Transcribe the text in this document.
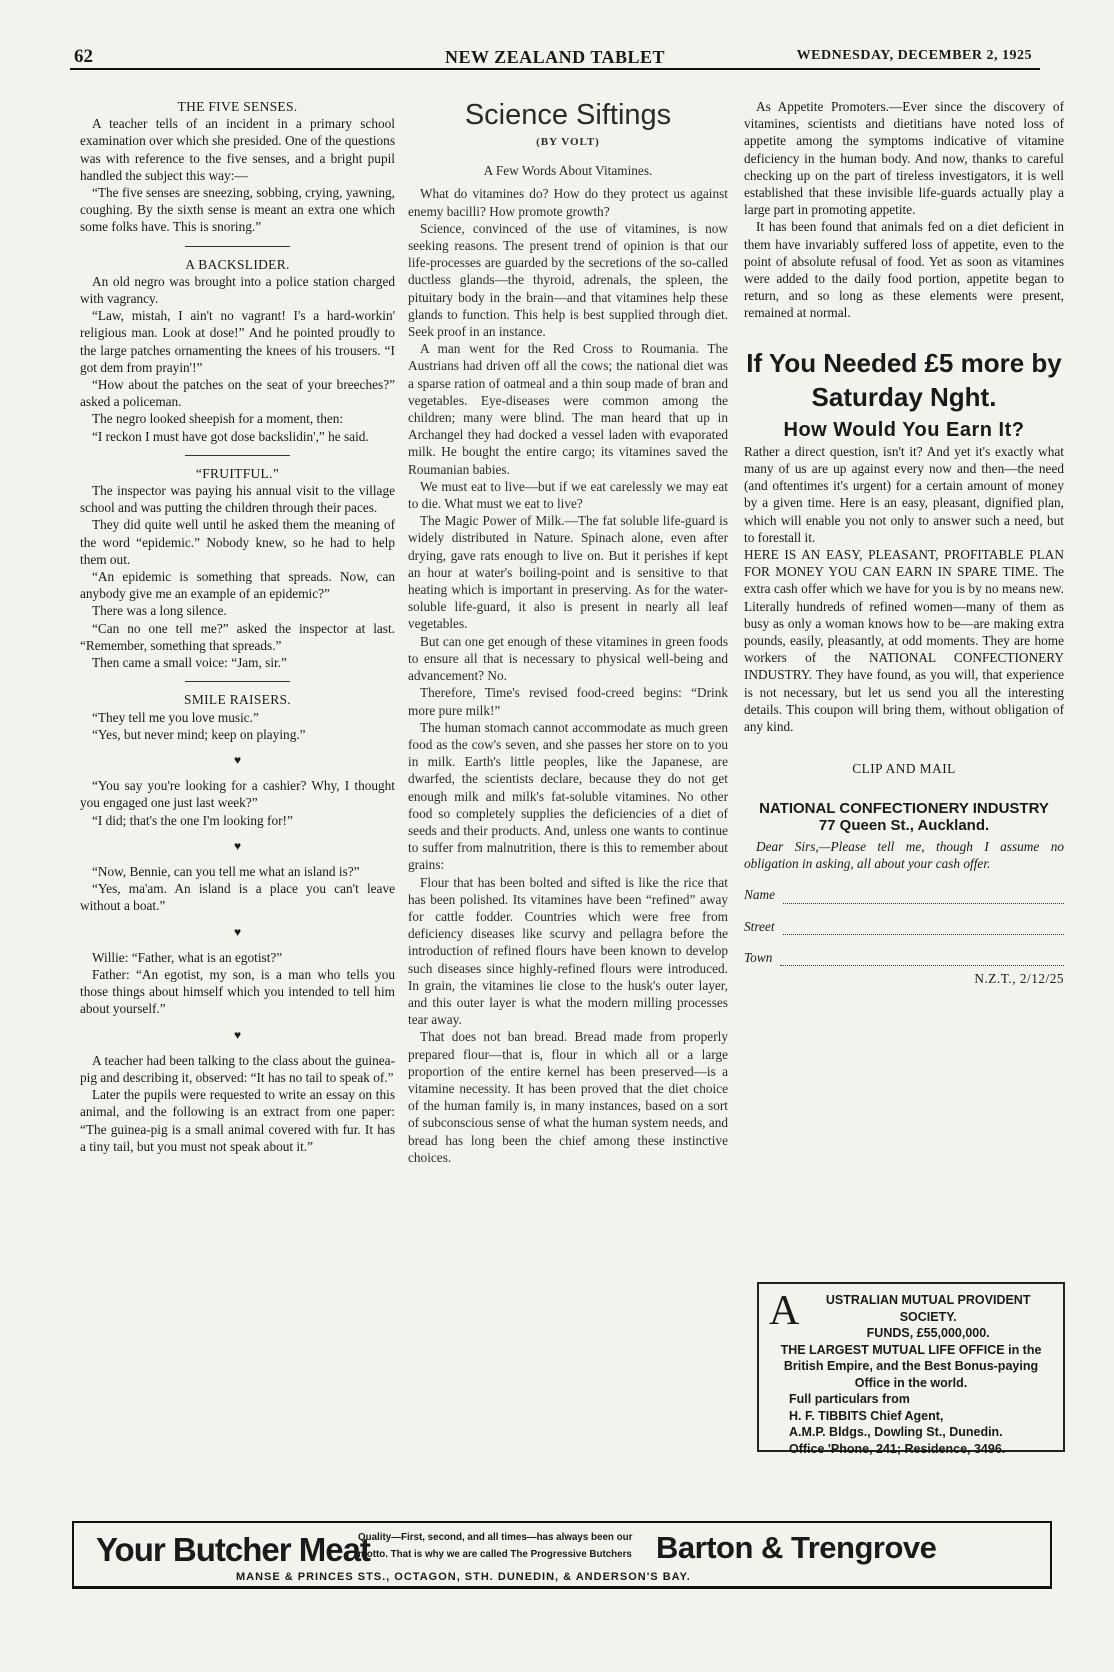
62	NEW ZEALAND TABLET	WEDNESDAY, DECEMBER 2, 1925
THE FIVE SENSES.

A teacher tells of an incident in a primary school examination over which she presided. One of the questions was with reference to the five senses, and a bright pupil handled the subject this way:—

“The five senses are sneezing, sobbing, crying, yawning, coughing. By the sixth sense is meant an extra one which some folks have. This is snoring.”

A BACKSLIDER.

An old negro was brought into a police station charged with vagrancy.

“Law, mistah, I ain't no vagrant! I's a hard-workin' religious man. Look at dose!” And he pointed proudly to the large patches ornamenting the knees of his trousers. “I got dem from prayin'!”

“How about the patches on the seat of your breeches?” asked a policeman.

The negro looked sheepish for a moment, then:

“I reckon I must have got dose backslidin',” he said.

“FRUITFUL.”

The inspector was paying his annual visit to the village school and was putting the children through their paces.

They did quite well until he asked them the meaning of the word “epidemic.” Nobody knew, so he had to help them out.

“An epidemic is something that spreads. Now, can anybody give me an example of an epidemic?”

There was a long silence.

“Can no one tell me?” asked the inspector at last. “Remember, something that spreads.”

Then came a small voice: “Jam, sir.”

SMILE RAISERS.

“They tell me you love music.”

“Yes, but never mind; keep on playing.”

♥

“You say you're looking for a cashier? Why, I thought you engaged one just last week?”

“I did; that's the one I'm looking for!”

♥

“Now, Bennie, can you tell me what an island is?”

“Yes, ma'am. An island is a place you can't leave without a boat.”

♥

Willie: “Father, what is an egotist?”

Father: “An egotist, my son, is a man who tells you those things about himself which you intended to tell him about yourself.”

♥

A teacher had been talking to the class about the guinea-pig and describing it, observed: “It has no tail to speak of.”

Later the pupils were requested to write an essay on this animal, and the following is an extract from one paper: “The guinea-pig is a small animal covered with fur. It has a tiny tail, but you must not speak about it.”

Science Siftings
(BY VOLT)
A Few Words About Vitamines.

What do vitamines do? How do they protect us against enemy bacilli? How promote growth?

Science, convinced of the use of vitamines, is now seeking reasons. The present trend of opinion is that our life-processes are guarded by the secretions of the so-called ductless glands—the thyroid, adrenals, the spleen, the pituitary body in the brain—and that vitamines help these glands to function. This help is best supplied through diet. Seek proof in an instance.

A man went for the Red Cross to Roumania. The Austrians had driven off all the cows; the national diet was a sparse ration of oatmeal and a thin soup made of bran and vegetables. Eye-diseases were common among the children; many were blind. The man heard that up in Archangel they had docked a vessel laden with evaporated milk. He bought the entire cargo; its vitamines saved the Roumanian babies.

We must eat to live—but if we eat carelessly we may eat to die. What must we eat to live?

The Magic Power of Milk.—The fat soluble life-guard is widely distributed in Nature. Spinach alone, even after drying, gave rats enough to live on. But it perishes if kept an hour at water's boiling-point and is sensitive to that heating which is important in preserving. As for the water-soluble life-guard, it also is present in nearly all leaf vegetables.

But can one get enough of these vitamines in green foods to ensure all that is necessary to physical well-being and advancement? No.

Therefore, Time's revised food-creed begins: “Drink more pure milk!”

The human stomach cannot accommodate as much green food as the cow's seven, and she passes her store on to you in milk. Earth's little peoples, like the Japanese, are dwarfed, the scientists declare, because they do not get enough milk and milk's fat-soluble vitamines. No other food so completely supplies the deficiencies of a diet of seeds and their products. And, unless one wants to continue to suffer from malnutrition, there is this to remember about grains:

Flour that has been bolted and sifted is like the rice that has been polished. Its vitamines have been “refined” away for cattle fodder. Countries which were free from deficiency diseases like scurvy and pellagra before the introduction of refined flours have been known to develop such diseases since highly-refined flours were introduced. In grain, the vitamines lie close to the husk's outer layer, and this outer layer is what the modern milling processes tear away.

That does not ban bread. Bread made from properly prepared flour—that is, flour in which all or a large proportion of the entire kernel has been preserved—is a vitamine necessity. It has been proved that the diet choice of the human family is, in many instances, based on a sort of subconscious sense of what the human system needs, and bread has long been the chief among these instinctive choices.

As Appetite Promoters.—Ever since the discovery of vitamines, scientists and dietitians have noted loss of appetite among the symptoms indicative of vitamine deficiency in the human body. And now, thanks to careful checking up on the part of tireless investigators, it is well established that these invisible life-guards actually play a large part in promoting appetite.

It has been found that animals fed on a diet deficient in them have invariably suffered loss of appetite, even to the point of absolute refusal of food. Yet as soon as vitamines were added to the daily food portion, appetite began to return, and so long as these elements were present, remained at normal.

If You Needed £5 more by Saturday Nght.
How Would You Earn It?

Rather a direct question, isn't it? And yet it's exactly what many of us are up against every now and then—the need (and oftentimes it's urgent) for a certain amount of money by a given time. Here is an easy, pleasant, dignified plan, which will enable you not only to answer such a need, but to forestall it.

HERE IS AN EASY, PLEASANT, PROFITABLE PLAN FOR MONEY YOU CAN EARN IN SPARE TIME. The extra cash offer which we have for you is by no means new. Literally hundreds of refined women—many of them as busy as only a woman knows how to be—are making extra pounds, easily, pleasantly, at odd moments. They are home workers of the NATIONAL CONFECTIONERY INDUSTRY. They have found, as you will, that experience is not necessary, but let us send you all the interesting details. This coupon will bring them, without obligation of any kind.

CLIP AND MAIL
NATIONAL CONFECTIONERY INDUSTRY
77 Queen St., Auckland.

Dear Sirs,—Please tell me, though I assume no obligation in asking, all about your cash offer.

Name
Street
Town
N.Z.T., 2/12/25
A	USTRALIAN MUTUAL PROVIDENT SOCIETY.
FUNDS, £55,000,000.
THE LARGEST MUTUAL LIFE OFFICE in the British Empire, and the Best Bonus-paying Office in the world.
Full particulars from
H. F. TIBBITS Chief Agent,
A.M.P. Bldgs., Dowling St., Dunedin.
Office 'Phone, 241; Residence, 3496.
Your Butcher Meat
Quality—First, second, and all times—has always been our motto. That is why we are called The Progressive Butchers Barton & Trengrove
MANSE & PRINCES STS., OCTAGON, STH. DUNEDIN, & ANDERSON'S BAY.
